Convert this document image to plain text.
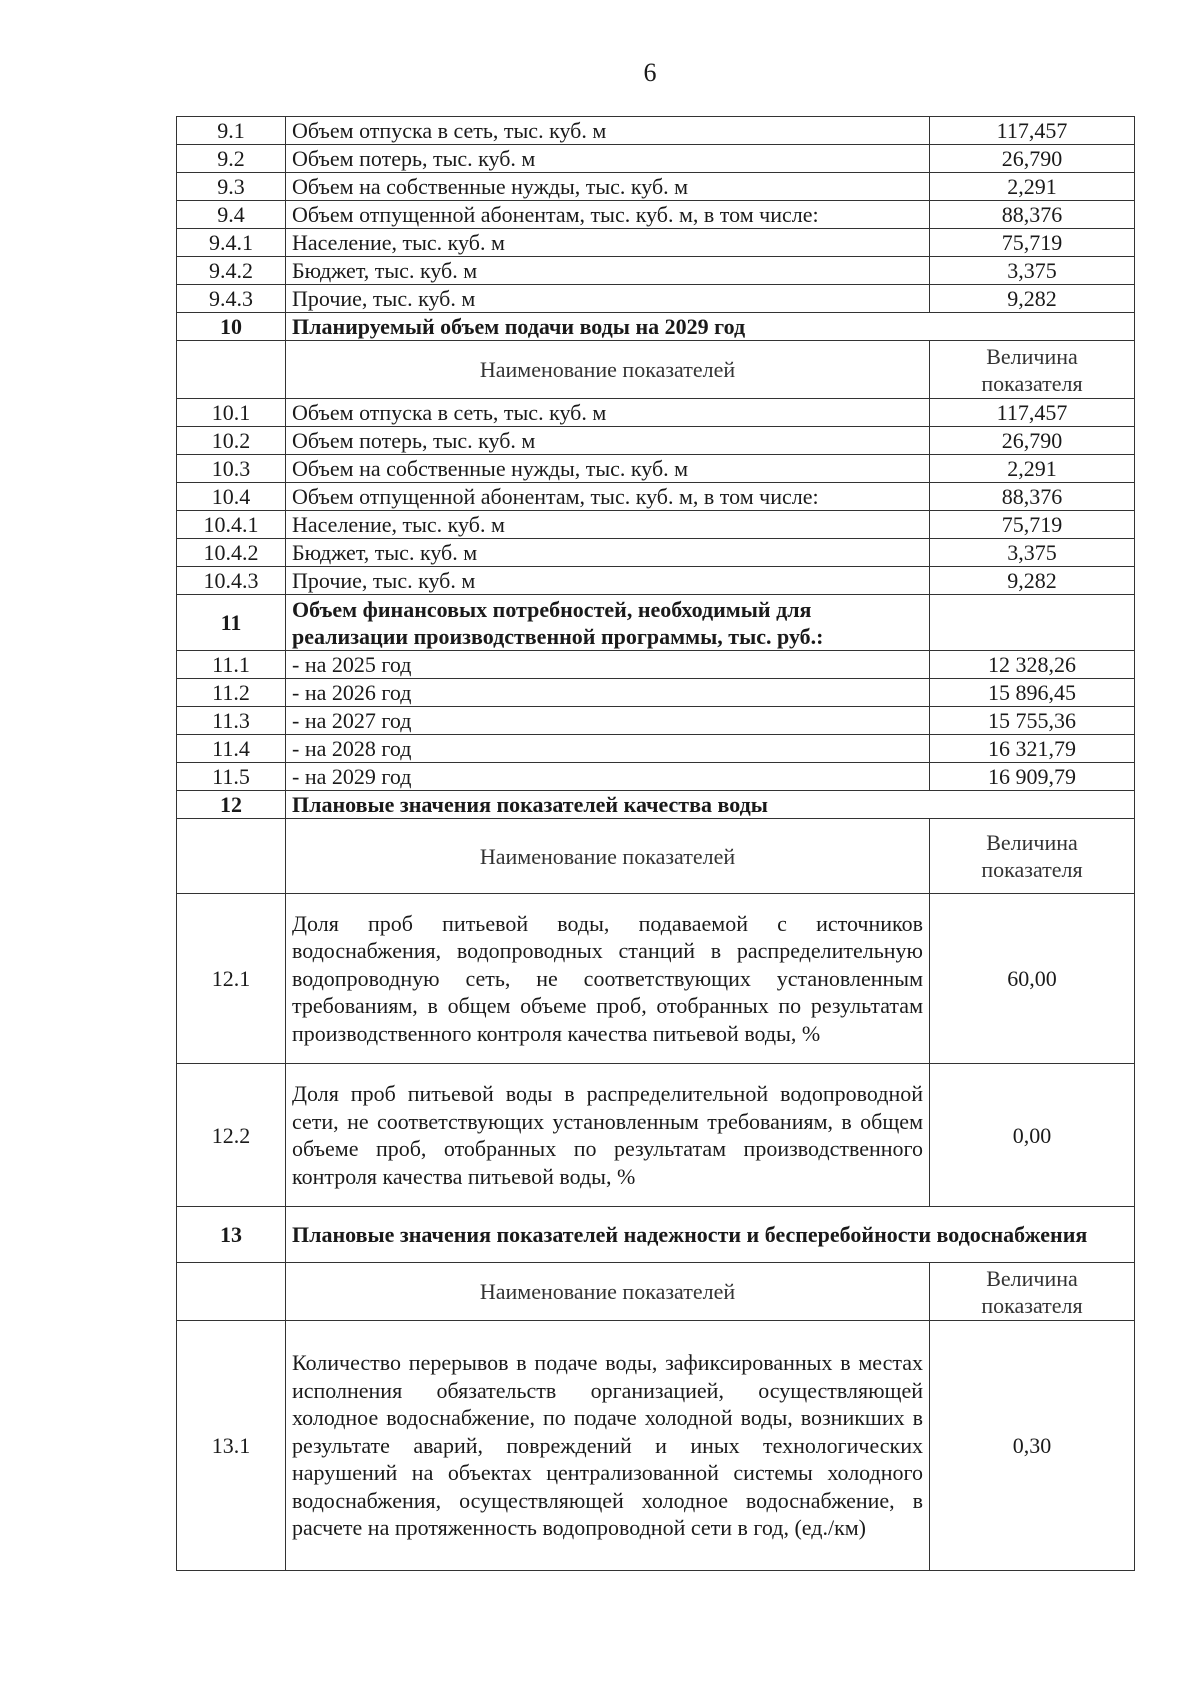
6
9.1	Объем отпуска в сеть, тыс. куб. м	117,457
9.2	Объем потерь, тыс. куб. м	26,790
9.3	Объем на собственные нужды, тыс. куб. м	2,291
9.4	Объем отпущенной абонентам, тыс. куб. м, в том числе:	88,376
9.4.1	Население, тыс. куб. м	75,719
9.4.2	Бюджет, тыс. куб. м	3,375
9.4.3	Прочие, тыс. куб. м	9,282
10	Планируемый объем подачи воды на 2029 год	
	Наименование показателей	Величина показателя
10.1	Объем отпуска в сеть, тыс. куб. м	117,457
10.2	Объем потерь, тыс. куб. м	26,790
10.3	Объем на собственные нужды, тыс. куб. м	2,291
10.4	Объем отпущенной абонентам, тыс. куб. м, в том числе:	88,376
10.4.1	Население, тыс. куб. м	75,719
10.4.2	Бюджет, тыс. куб. м	3,375
10.4.3	Прочие, тыс. куб. м	9,282
11	Объем финансовых потребностей, необходимый для реализации производственной программы, тыс. руб.:	
11.1	- на 2025 год	12 328,26
11.2	- на 2026 год	15 896,45
11.3	- на 2027 год	15 755,36
11.4	- на 2028 год	16 321,79
11.5	- на 2029 год	16 909,79
12	Плановые значения показателей качества воды	
	Наименование показателей	Величина показателя
12.1	Доля проб питьевой воды, подаваемой с источников водоснабжения, водопроводных станций в распределительную водопроводную сеть, не соответствующих установленным требованиям, в общем объеме проб, отобранных по результатам производственного контроля качества питьевой воды, %	60,00
12.2	Доля проб питьевой воды в распределительной водопроводной сети, не соответствующих установленным требованиям, в общем объеме проб, отобранных по результатам производственного контроля качества питьевой воды, %	0,00
13	Плановые значения показателей надежности и бесперебойности водоснабжения	
	Наименование показателей	Величина показателя
13.1	Количество перерывов в подаче воды, зафиксированных в местах исполнения обязательств организацией, осуществляющей холодное водоснабжение, по подаче холодной воды, возникших в результате аварий, повреждений и иных технологических нарушений на объектах централизованной системы холодного водоснабжения, осуществляющей холодное водоснабжение, в расчете на протяженность водопроводной сети в год, (ед./км)	0,30
